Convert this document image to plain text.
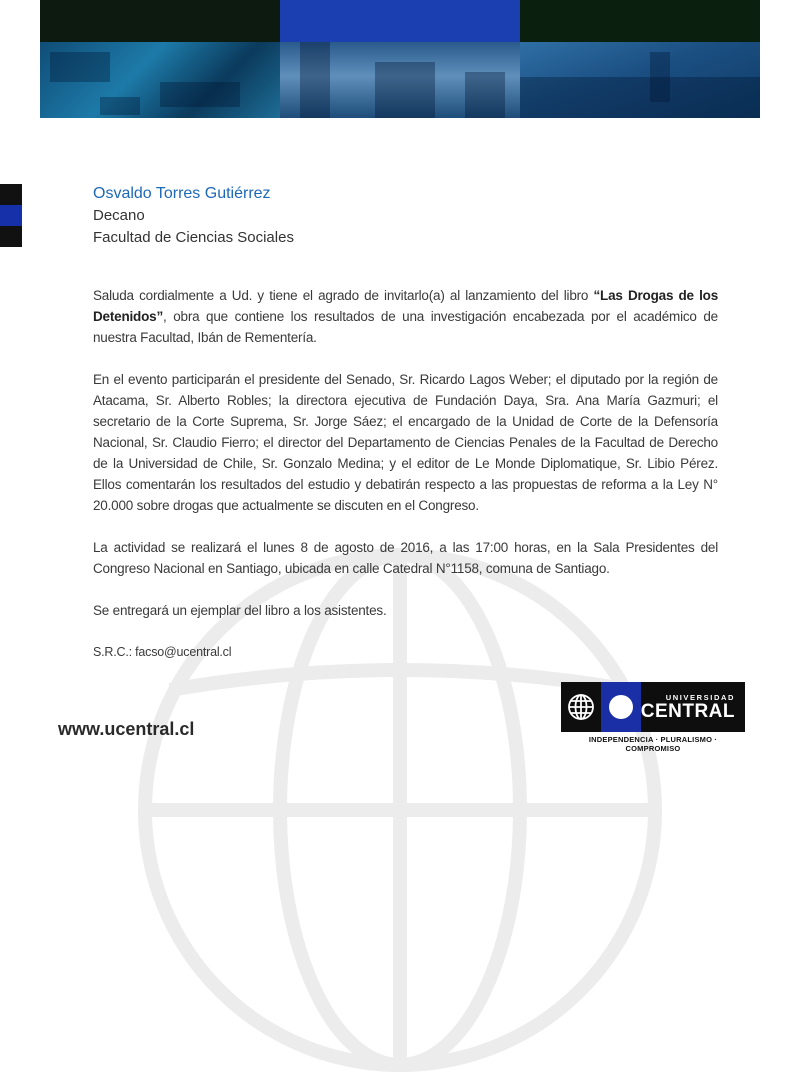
Osvaldo Torres Gutiérrez
Decano
Facultad de Ciencias Sociales

Saluda cordialmente a Ud. y tiene el agrado de invitarlo(a) al lanzamiento del libro “Las Drogas de los Detenidos”, obra que contiene los resultados de una investigación encabezada por el académico de nuestra Facultad, Ibán de Rementería.

En el evento participarán el presidente del Senado, Sr. Ricardo Lagos Weber; el diputado por la región de Atacama, Sr. Alberto Robles; la directora ejecutiva de Fundación Daya, Sra. Ana María Gazmuri; el secretario de la Corte Suprema, Sr. Jorge Sáez; el encargado de la Unidad de Corte de la Defensoría Nacional, Sr. Claudio Fierro; el director del Departamento de Ciencias Penales de la Facultad de Derecho de la Universidad de Chile, Sr. Gonzalo Medina; y el editor de Le Monde Diplomatique, Sr. Libio Pérez. Ellos comentarán los resultados del estudio y debatirán respecto a las propuestas de reforma a la Ley N° 20.000 sobre drogas que actualmente se discuten en el Congreso.

La actividad se realizará el lunes 8 de agosto de 2016, a las 17:00 horas, en la Sala Presidentes del Congreso Nacional en Santiago, ubicada en calle Catedral N°1158, comuna de Santiago.

Se entregará un ejemplar del libro a los asistentes.

S.R.C.: facso@ucentral.cl

www.ucentral.cl
UNIVERSIDAD
CENTRAL
INDEPENDENCIA · PLURALISMO · COMPROMISO
